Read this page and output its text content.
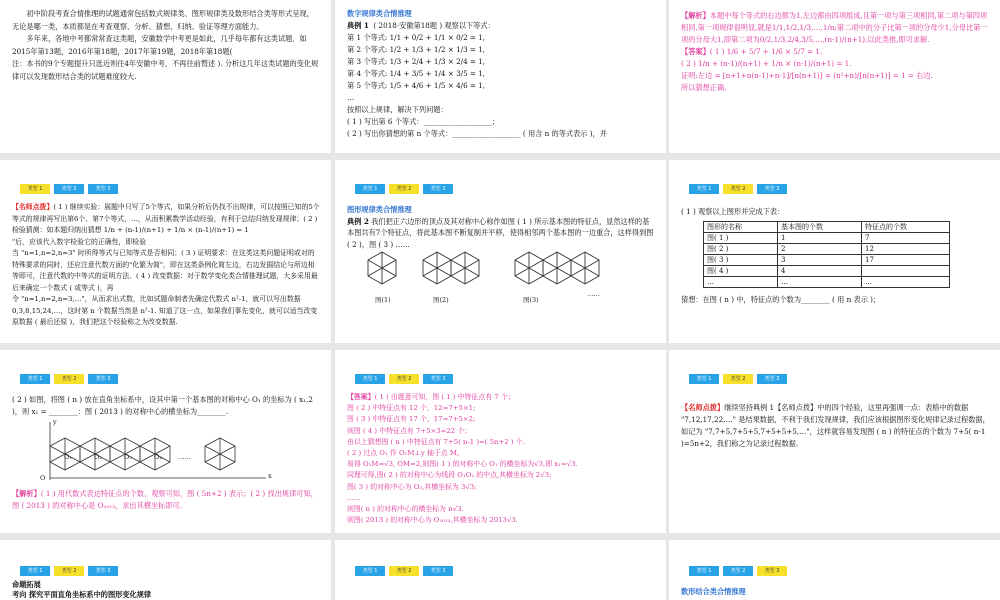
初中阶段考查合情推理的试题通常包括数式规律类、图形规律类及数形结合类等形式呈现，无论是哪一类，本质都是在考查观察、分析、猜想、归纳、验证等理方面能力。

多年来，各地中考都常常查这类题，安徽数学中考更是如此，几乎每年都有这类试题．如2015年第13题，2016年第18题，2017年第19题，2018年第18题(

注：本书的9个专题提升只选近则往4年安徽中考，不再往前赘述 ). 分析这几年这类试题的变化规律可以发现数形结合类的试题难度较大.

数字规律类合情推理

典例 1 ( 2018·安徽第18题 ) 观察以下等式：

第 1 个等式: 1/1 + 0/2 + 1/1 × 0/2 = 1,

第 2 个等式: 1/2 + 1/3 + 1/2 × 1/3 = 1,

第 3 个等式: 1/3 + 2/4 + 1/3 × 2/4 = 1,

第 4 个等式: 1/4 + 3/5 + 1/4 × 3/5 = 1,

第 5 个等式: 1/5 + 4/6 + 1/5 × 4/6 = 1,

…

按照以上规律，解决下列问题：

( 1 ) 写出第 6 个等式：___________________；

( 2 ) 写出你猜想的第 n 个等式：___________________ ( 用含 n 的等式表示 )，并

【解析】本题中每个等式的右边都为1,左边都由四项组成,且第一项与第三项相同,第二项与第四项相同,第一项规律很明显,就是1/1,1/2,1/3,…,1/n;第二项中的分子比第一项的分母少1,分母比第一项的分母大1,即第二项为0/2,1/3,2/4,3/5,…,(n-1)/(n+1),以此类推,即可求解.

【答案】( 1 ) 1/6 + 5/7 + 1/6 × 5/7 = 1.

( 2 ) 1/n + (n-1)/(n+1) + 1/n × (n-1)/(n+1) = 1.

证明:左边 = [n+1+n(n-1)+n-1]/[n(n+1)] = (n²+n)/[n(n+1)] = 1 = 右边.

所以猜想正确.

类型 1	类型 2	类型 3

【名师点拨】( 1 ) 继续实验：展题中只写了5个等式，如果分析后仍找不出规律，可以按照已知的5个等式的规律再写出第6个、第7个等式，…，从而积累数学活动经验，有利于总结归纳发现规律；( 2 ) 检验猜测：如本题归纳出猜想 1/n + (n-1)/(n+1) + 1/n × (n-1)/(n+1) = 1

"后，应该代入数字检验它的正确性，即检验

当 "n=1,n=2,n=3" 时所得等式与已知等式是否相同；( 3 ) 证明要求：在这类这类问题证明或对的特殊要求的同时，还应注意代数方面的"化繁为简"，即在这类条例化简左边，右边发掘结论与所边相等即可，注意代数的中等式的证明方法．( 4 ) 改变数据：对于数学变化类合情推理试题，大多采用最后来确定一个数式 ( 或等式 )，再

令 "n=1,n=2,n=3,…"，从而求出式数，比如试题命制者先确定代数式 n²-1，就可以写出数据 0,3,8,15,24,…，这时第 n 个数据当然是 n²-1. 知道了这一点，如果我们事先变化，就可以适当改变原数据 ( 最后还原 )，我们把这个经验称之为改变数据.

类型 1	类型 2	类型 3

图形规律类合情推理

典例 2 我们把正六边形的顶点及其对称中心称作如图 ( 1 ) 所示基本图的特征点，显然这样的基本图共有7个特征点，将此基本图不断复制并平移，使得相邻两个基本图的一边重合，这样得到图 ( 2 )，图 ( 3 ) ……

图(1)	图(2)	图(3)
……
类型 1	类型 2	类型 3

( 1 ) 观察以上图形并完成下表：

图形的名称	基本图的个数	特征点的个数
图( 1 )	1	7
图( 2 )	2	12
图( 3 )	3	17
图( 4 )	4	
…	…	…

猜想：在图 ( n ) 中，特征点的个数为________ ( 用 n 表示 )；

类型 1	类型 2	类型 3

( 2 ) 如图，将图 ( n ) 放在直角坐标系中，设其中第一个基本图的对称中心 O₁ 的坐标为 ( x₁,2 )，则 x₁ = ________：图 ( 2013 ) 的对称中心的横坐标为________.

O₁	O₂	O₃	O₄
O	x
y
……

【解析】( 1 ) 用代数式表达特征点的个数，观察可知，图 ( 5n+2 ) 表示；( 2 ) 找出规律可知，图 ( 2013 ) 的对称中心是 O₂₀₁₃，求出其横坐标即可.

类型 1	类型 2	类型 3

【答案】( 1 ) 由题意可知，图 ( 1 ) 中特征点有 7 个；

图 ( 2 ) 中特征点有 12 个，12=7+5×1;

图 ( 3 ) 中特征点有 17 个，17=7+5×2;

则图 ( 4 ) 中特征点有 7+5×3=22 个；

由以上猜想图 ( n ) 中特征点有 7+5( n-1 )=( 5n+2 ) 个.

( 2 ) 过点 O₁ 作 O₁M⊥y 轴于点 M,

易得 O₁M=√3, OM=2,则图( 1 ) 的对称中心 O₁ 的横坐标为√3,即 x₁=√3.

同理可得,图( 2 ) 的对称中心为线段 O₁O₂ 的中点,其横坐标为 2√3;

图( 3 ) 的对称中心为 O₃,其横坐标为 3√3;

……

则图( n ) 的对称中心的横坐标为 n√3.

则图( 2013 ) 的对称中心为 O₂₀₁₃,其横坐标为 2013√3.

类型 1	类型 2	类型 3

【名师点拨】继续坚持典例 1【名师点拨】中的四个经验，这里再强调一点：表格中的数据 "7,12,17,22,…" 是结果数据，不利于我们发现规律，我们应该根据图形变化规律记录过程数据，如记为 "7,7+5,7+5+5,7+5+5+5,…"，这样就容易发现图 ( n ) 的特征点的个数为 7+5( n-1 )=5n+2，我们称之为记录过程数据.

类型 1	类型 2	类型 3

命题拓展

考向 探究平面直角坐标系中的图形变化规律

类型 1	类型 2	类型 3	类型 1	类型 2	类型 3

数形结合类合情推理
